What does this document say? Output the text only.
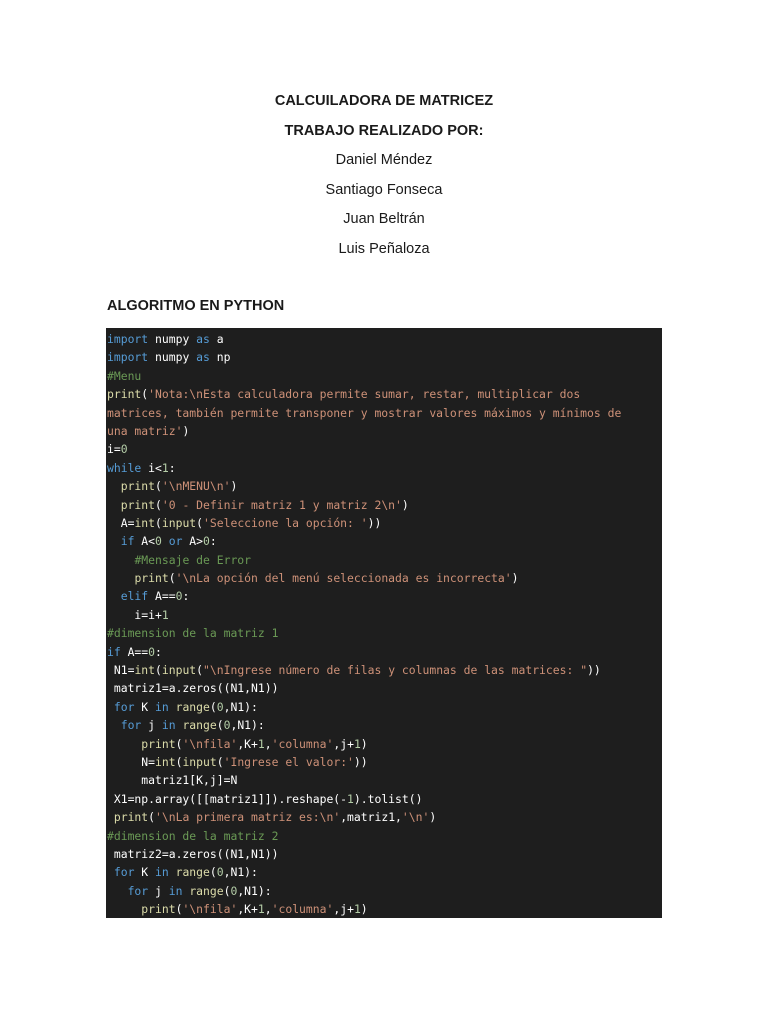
CALCUILADORA DE MATRICEZ
TRABAJO REALIZADO POR:
Daniel Méndez
Santiago Fonseca
Juan Beltrán
Luis Peñaloza
ALGORITMO EN PYTHON
import numpy as a
import numpy as np
#Menu
print('Nota:\nEsta calculadora permite sumar, restar, multiplicar dos
matrices, también permite transponer y mostrar valores máximos y mínimos de
una matriz')
i=0
while i<1:
print('\nMENU\n')
print('0 - Definir matriz 1 y matriz 2\n')
A=int(input('Seleccione la opción: '))
if A<0 or A>0:
#Mensaje de Error
print('\nLa opción del menú seleccionada es incorrecta')
elif A==0:
i=i+1
#dimension de la matriz 1
if A==0:
N1=int(input("\nIngrese número de filas y columnas de las matrices: "))
matriz1=a.zeros((N1,N1))
for K in range(0,N1):
for j in range(0,N1):
print('\nfila',K+1,'columna',j+1)
N=int(input('Ingrese el valor:'))
matriz1[K,j]=N
X1=np.array([[matriz1]]).reshape(-1).tolist()
print('\nLa primera matriz es:\n',matriz1,'\n')
#dimension de la matriz 2
matriz2=a.zeros((N1,N1))
for K in range(0,N1):
for j in range(0,N1):
print('\nfila',K+1,'columna',j+1)
